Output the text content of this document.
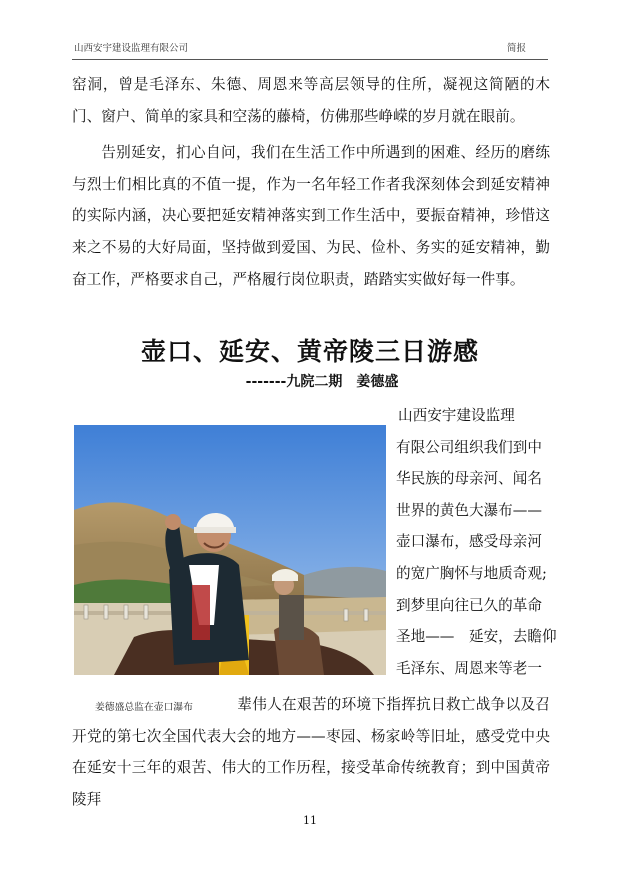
山西安宇建设监理有限公司	简报
窑洞，曾是毛泽东、朱德、周恩来等高层领导的住所，凝视这简陋的木门、窗户、简单的家具和空荡的藤椅，仿佛那些峥嵘的岁月就在眼前。
告别延安，扪心自问，我们在生活工作中所遇到的困难、经历的磨练与烈士们相比真的不值一提，作为一名年轻工作者我深刻体会到延安精神的实际内涵，决心要把延安精神落实到工作生活中，要振奋精神，珍惜这来之不易的大好局面，坚持做到爱国、为民、俭朴、务实的延安精神，勤奋工作，严格要求自己，严格履行岗位职责，踏踏实实做好每一件事。
壶口、延安、黄帝陵三日游感
-------九院二期　姜德盛
姜德盛总监在壶口瀑布
山西安宇建设监理
有限公司组织我们到中
华民族的母亲河、闻名
世界的黄色大瀑布——
壶口瀑布，感受母亲河
的宽广胸怀与地质奇观;
到梦里向往已久的革命
圣地——　延安，去瞻仰
毛泽东、周恩来等老一
辈伟人在艰苦的环境下指挥抗日救亡战争以及召开党的第七次全国代表大会的地方——枣园、杨家岭等旧址，感受党中央在延安十三年的艰苦、伟大的工作历程，接受革命传统教育；到中国黄帝陵拜
11
